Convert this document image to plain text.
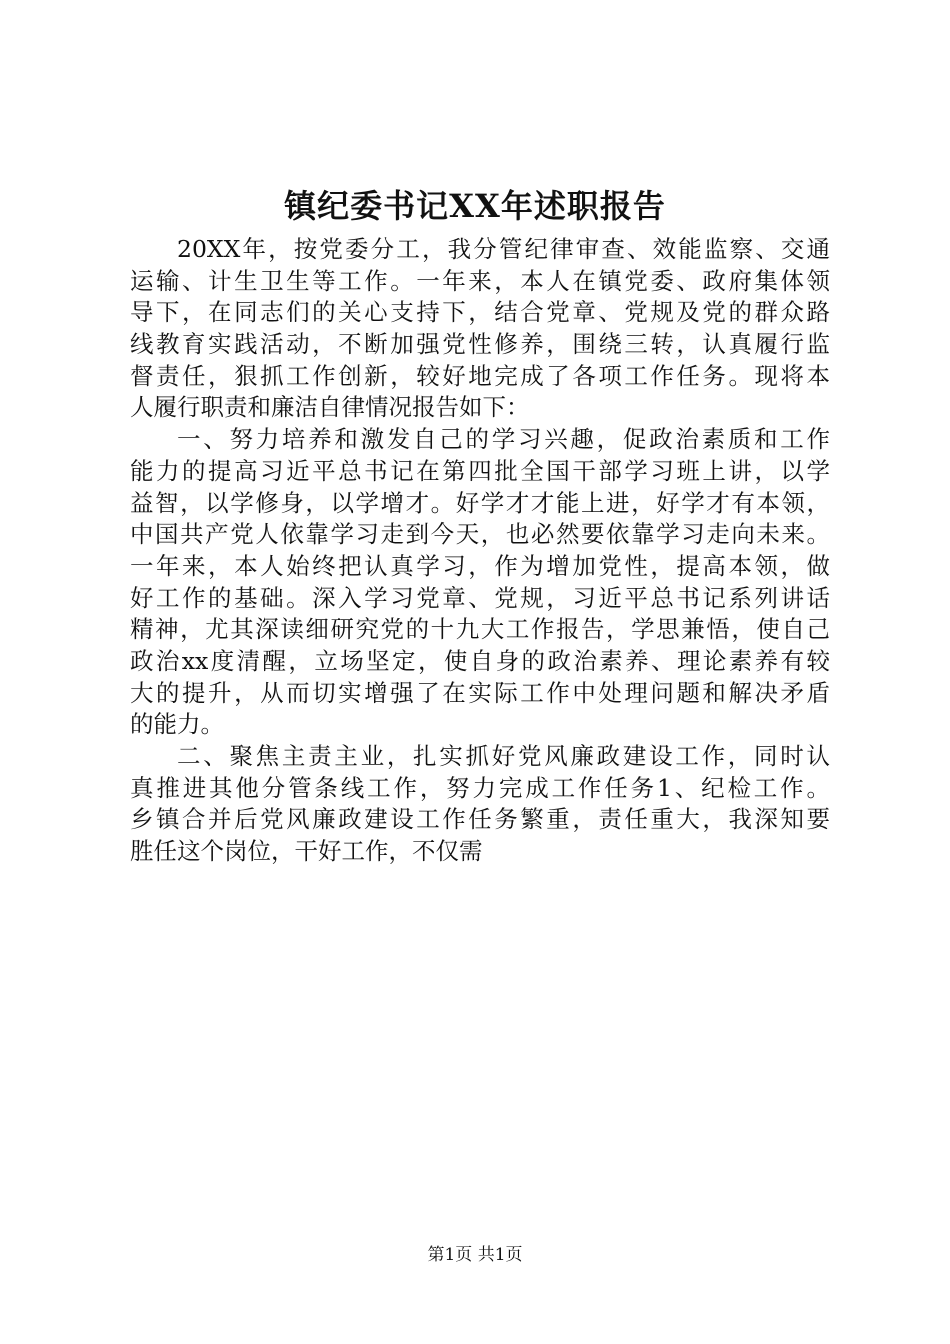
镇纪委书记XX年述职报告
20XX年，按党委分工，我分管纪律审查、效能监察、交通
运输、计生卫生等工作。一年来，本人在镇党委、政府集体领
导下，在同志们的关心支持下，结合党章、党规及党的群众路
线教育实践活动，不断加强党性修养，围绕三转，认真履行监
督责任，狠抓工作创新，较好地完成了各项工作任务。现将本
人履行职责和廉洁自律情况报告如下：
一、努力培养和激发自己的学习兴趣，促政治素质和工作
能力的提高习近平总书记在第四批全国干部学习班上讲，以学
益智，以学修身，以学增才。好学才才能上进，好学才有本领，
中国共产党人依靠学习走到今天，也必然要依靠学习走向未来。
一年来，本人始终把认真学习，作为增加党性，提高本领，做
好工作的基础。深入学习党章、党规，习近平总书记系列讲话
精神，尤其深读细研究党的十九大工作报告，学思兼悟，使自己
政治xx度清醒，立场坚定，使自身的政治素养、理论素养有较
大的提升，从而切实增强了在实际工作中处理问题和解决矛盾
的能力。
二、聚焦主责主业，扎实抓好党风廉政建设工作，同时认
真推进其他分管条线工作，努力完成工作任务1、纪检工作。
乡镇合并后党风廉政建设工作任务繁重，责任重大，我深知要
胜任这个岗位，干好工作，不仅需
第1页 共1页
